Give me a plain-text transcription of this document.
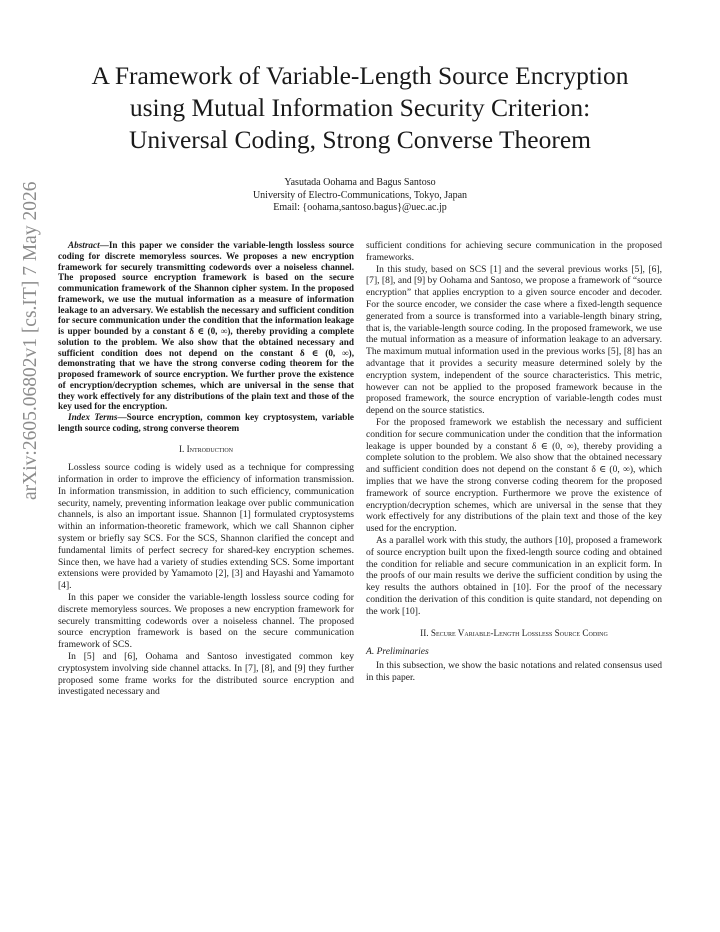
A Framework of Variable-Length Source Encryption
using Mutual Information Security Criterion:
Universal Coding, Strong Converse Theorem
Yasutada Oohama and Bagus Santoso
University of Electro-Communications, Tokyo, Japan
Email: {oohama,santoso.bagus}@uec.ac.jp
arXiv:2605.06802v1 [cs.IT] 7 May 2026	Abstract—In this paper we consider the variable-length lossless source coding for discrete memoryless sources. We proposes a new encryption framework for securely transmitting codewords over a noiseless channel. The proposed source encryption framework is based on the secure communication framework of the Shannon cipher system. In the proposed framework, we use the mutual information as a measure of information leakage to an adversary. We establish the necessary and sufficient condition for secure communication under the condition that the information leakage is upper bounded by a constant δ ∈ (0, ∞), thereby providing a complete solution to the problem. We also show that the obtained necessary and sufficient condition does not depend on the constant δ ∈ (0, ∞), demonstrating that we have the strong converse coding theorem for the proposed framework of source encryption. We further prove the existence of encryption/decryption schemes, which are universal in the sense that they work effectively for any distributions of the plain text and those of the key used for the encryption.

Index Terms—Source encryption, common key cryptosystem, variable length source coding, strong converse theorem

I. Introduction

Lossless source coding is widely used as a technique for compressing information in order to improve the efficiency of information transmission. In information transmission, in addition to such efficiency, communication security, namely, preventing information leakage over public communication channels, is also an important issue. Shannon [1] formulated cryptosystems within an information-theoretic framework, which we call Shannon cipher system or briefly say SCS. For the SCS, Shannon clarified the concept and fundamental limits of perfect secrecy for shared-key encryption schemes. Since then, we have had a variety of studies extending SCS. Some important extensions were provided by Yamamoto [2], [3] and Hayashi and Yamamoto [4].

In this paper we consider the variable-length lossless source coding for discrete memoryless sources. We proposes a new encryption framework for securely transmitting codewords over a noiseless channel. The proposed source encryption framework is based on the secure communication framework of SCS.

In [5] and [6], Oohama and Santoso investigated common key cryptosystem involving side channel attacks. In [7], [8], and [9] they further proposed some frame works for the distributed source encryption and investigated necessary and

sufficient conditions for achieving secure communication in the proposed frameworks.

In this study, based on SCS [1] and the several previous works [5], [6], [7], [8], and [9] by Oohama and Santoso, we propose a framework of “source encryption” that applies encryption to a given source encoder and decoder. For the source encoder, we consider the case where a fixed-length sequence generated from a source is transformed into a variable-length binary string, that is, the variable-length source coding. In the proposed framework, we use the mutual information as a measure of information leakage to an adversary. The maximum mutual information used in the previous works [5], [8] has an advantage that it provides a security measure determined solely by the encryption system, independent of the source characteristics. This metric, however can not be applied to the proposed framework because in the proposed framework, the source encryption of variable-length codes must depend on the source statistics.

For the proposed framework we establish the necessary and sufficient condition for secure communication under the condition that the information leakage is upper bounded by a constant δ ∈ (0, ∞), thereby providing a complete solution to the problem. We also show that the obtained necessary and sufficient condition does not depend on the constant δ ∈ (0, ∞), which implies that we have the strong converse coding theorem for the proposed framework of source encryption. Furthermore we prove the existence of encryption/decryption schemes, which are universal in the sense that they work effectively for any distributions of the plain text and those of the key used for the encryption.

As a parallel work with this study, the authors [10], proposed a framework of source encryption built upon the fixed-length source coding and obtained the condition for reliable and secure communication in an explicit form. In the proofs of our main results we derive the sufficient condition by using the key results the authors obtained in [10]. For the proof of the necessary condition the derivation of this condition is quite standard, not depending on the work [10].

II. Secure Variable-Length Lossless Source Coding

A. Preliminaries

In this subsection, we show the basic notations and related consensus used in this paper.
